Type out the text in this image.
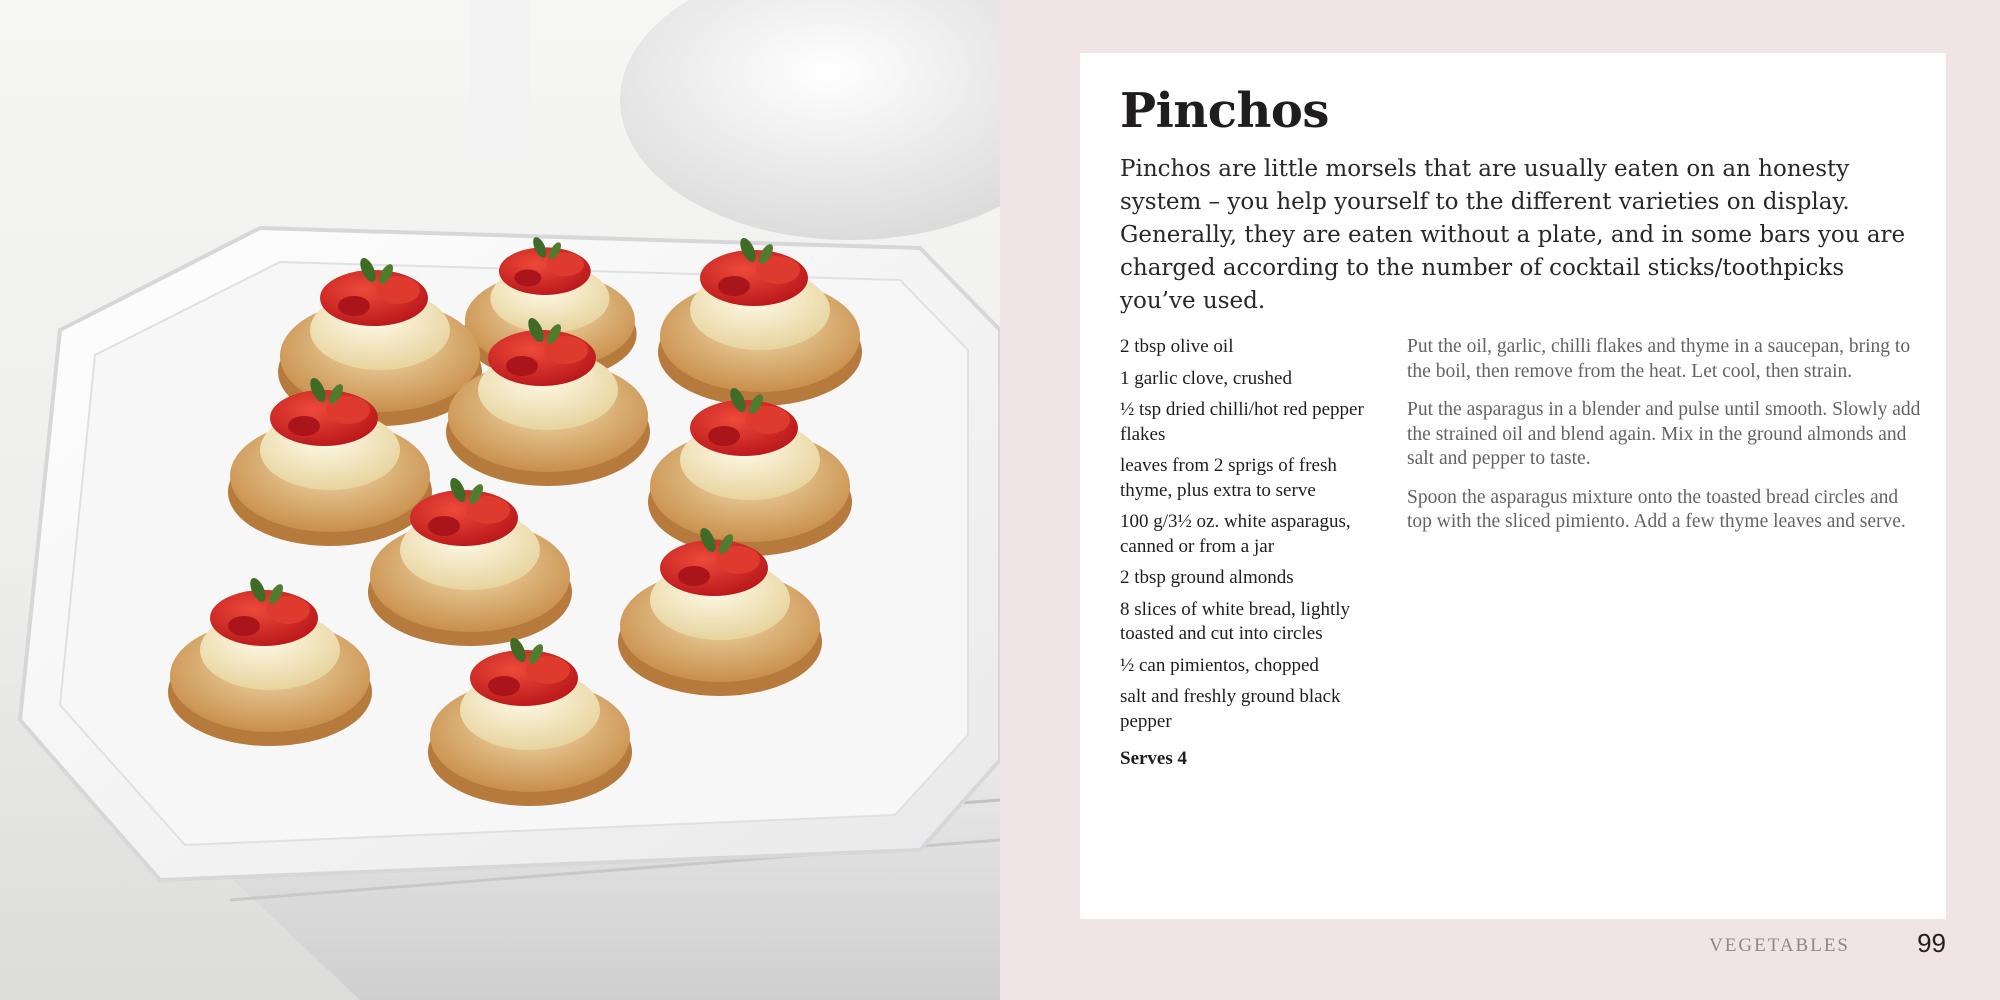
Pinchos

Pinchos are little morsels that are usually eaten on an honesty system – you help yourself to the different varieties on display. Generally, they are eaten without a plate, and in some bars you are charged according to the number of cocktail sticks/toothpicks you’ve used.

2 tbsp olive oil
1 garlic clove, crushed
½ tsp dried chilli/hot red pepper flakes
leaves from 2 sprigs of fresh thyme, plus extra to serve
100 g/3½ oz. white asparagus, canned or from a jar
2 tbsp ground almonds
8 slices of white bread, lightly toasted and cut into circles
½ can pimientos, chopped
salt and freshly ground black pepper

Serves 4

Put the oil, garlic, chilli flakes and thyme in a saucepan, bring to the boil, then remove from the heat. Let cool, then strain.

Put the asparagus in a blender and pulse until smooth. Slowly add the strained oil and blend again. Mix in the ground almonds and salt and pepper to taste.

Spoon the asparagus mixture onto the toasted bread circles and top with the sliced pimiento. Add a few thyme leaves and serve.

VEGETABLES	99
